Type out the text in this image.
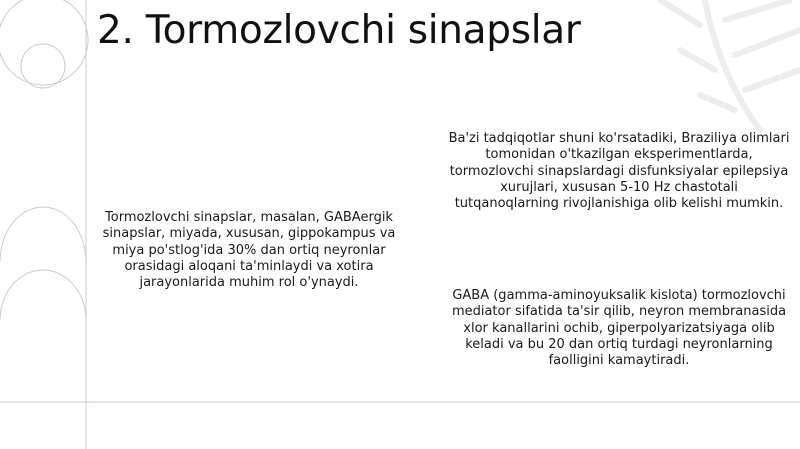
2. Tormozlovchi sinapslar
Tormozlovchi sinapslar, masalan, GABAergik sinapslar, miyada, xususan, gippokampus va miya po'stlog'ida 30% dan ortiq neyronlar orasidagi aloqani ta'minlaydi va xotira jarayonlarida muhim rol o'ynaydi.
Ba'zi tadqiqotlar shuni ko'rsatadiki, Braziliya olimlari tomonidan o'tkazilgan eksperimentlarda, tormozlovchi sinapslardagi disfunksiyalar epilepsiya xurujlari, xususan 5-10 Hz chastotali tutqanoqlarning rivojlanishiga olib kelishi mumkin.
GABA (gamma-aminoyuksalik kislota) tormozlovchi mediator sifatida ta'sir qilib, neyron membranasida xlor kanallarini ochib, giperpolyarizatsiyaga olib keladi va bu 20 dan ortiq turdagi neyronlarning faolligini kamaytiradi.
